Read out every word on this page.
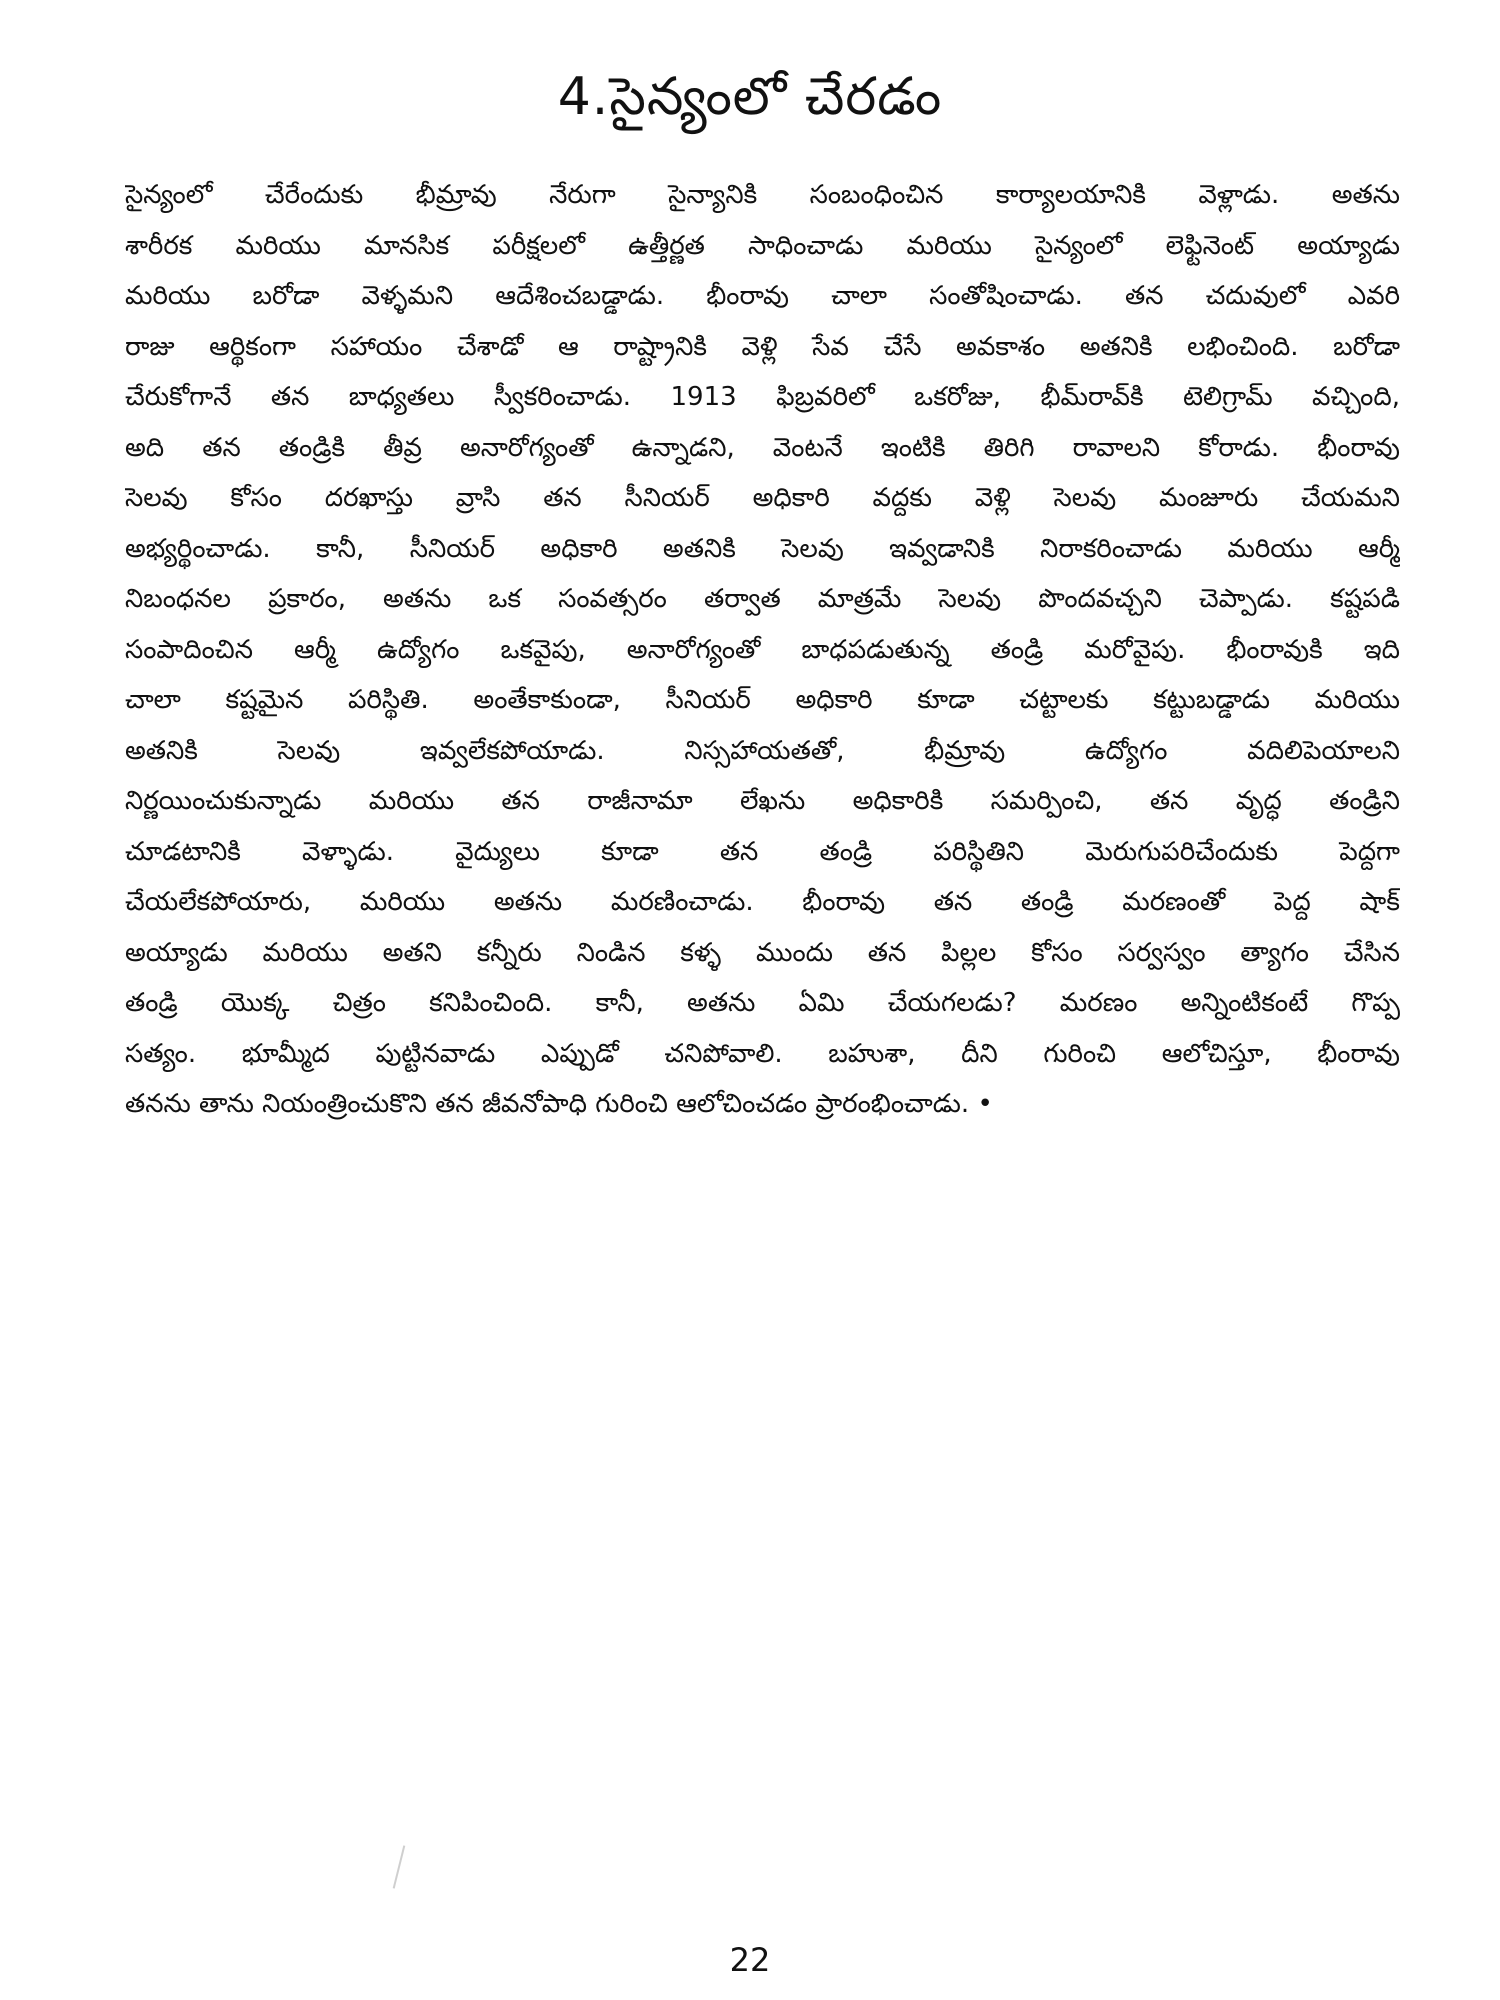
4.సైన్యంలో చేరడం
సైన్యంలో చేరేందుకు భీమ్రావు నేరుగా సైన్యానికి సంబంధించిన కార్యాలయానికి వెళ్లాడు. అతను
శారీరక మరియు మానసిక పరీక్షలలో ఉత్తీర్ణత సాధించాడు మరియు సైన్యంలో లెఫ్టినెంట్ అయ్యాడు
మరియు బరోడా వెళ్ళమని ఆదేశించబడ్డాడు. భీంరావు చాలా సంతోషించాడు. తన చదువులో ఎవరి
రాజు ఆర్థికంగా సహాయం చేశాడో ఆ రాష్ట్రానికి వెళ్లి సేవ చేసే అవకాశం అతనికి లభించింది. బరోడా
చేరుకోగానే తన బాధ్యతలు స్వీకరించాడు. 1913 ఫిబ్రవరిలో ఒకరోజు, భీమ్‌రావ్‌కి టెలిగ్రామ్ వచ్చింది,
అది తన తండ్రికి తీవ్ర అనారోగ్యంతో ఉన్నాడని, వెంటనే ఇంటికి తిరిగి రావాలని కోరాడు. భీంరావు
సెలవు కోసం దరఖాస్తు వ్రాసి తన సీనియర్ అధికారి వద్దకు వెళ్లి సెలవు మంజూరు చేయమని
అభ్యర్థించాడు. కానీ, సీనియర్ అధికారి అతనికి సెలవు ఇవ్వడానికి నిరాకరించాడు మరియు ఆర్మీ
నిబంధనల ప్రకారం, అతను ఒక సంవత్సరం తర్వాత మాత్రమే సెలవు పొందవచ్చని చెప్పాడు. కష్టపడి
సంపాదించిన ఆర్మీ ఉద్యోగం ఒకవైపు, అనారోగ్యంతో బాధపడుతున్న తండ్రి మరోవైపు. భీంరావుకి ఇది
చాలా కష్టమైన పరిస్థితి. అంతేకాకుండా, సీనియర్ అధికారి కూడా చట్టాలకు కట్టుబడ్డాడు మరియు
అతనికి సెలవు ఇవ్వలేకపోయాడు. నిస్సహాయతతో, భీమ్రావు ఉద్యోగం వదిలిపెయాలని
నిర్ణయించుకున్నాడు మరియు తన రాజీనామా లేఖను అధికారికి సమర్పించి, తన వృద్ధ తండ్రిని
చూడటానికి వెళ్ళాడు. వైద్యులు కూడా తన తండ్రి పరిస్థితిని మెరుగుపరిచేందుకు పెద్దగా
చేయలేకపోయారు, మరియు అతను మరణించాడు. భీంరావు తన తండ్రి మరణంతో పెద్ద షాక్
అయ్యాడు మరియు అతని కన్నీరు నిండిన కళ్ళ ముందు తన పిల్లల కోసం సర్వస్వం త్యాగం చేసిన
తండ్రి యొక్క చిత్రం కనిపించింది. కానీ, అతను ఏమి చేయగలడు? మరణం అన్నింటికంటే గొప్ప
సత్యం. భూమ్మీద పుట్టినవాడు ఎప్పుడో చనిపోవాలి. బహుశా, దీని గురించి ఆలోచిస్తూ, భీంరావు
తనను తాను నియంత్రించుకొని తన జీవనోపాధి గురించి ఆలోచించడం ప్రారంభించాడు. •
22
